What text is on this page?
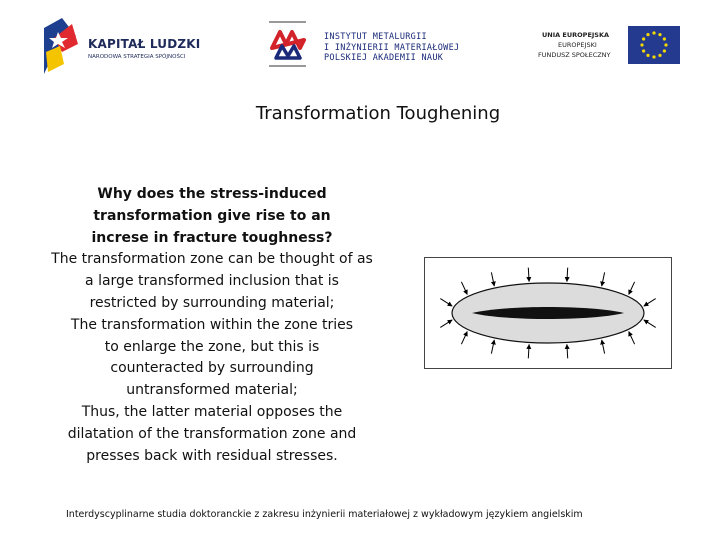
KAPITAŁ LUDZKI
NARODOWA STRATEGIA SPÓJNOŚCI
INSTYTUT METALURGII
I INŻYNIERII MATERIAŁOWEJ
POLSKIEJ AKADEMII NAUK
UNIA EUROPEJSKA
EUROPEJSKI
FUNDUSZ SPOŁECZNY
Transformation Toughening

Why does the stress-induced transformation give rise to an increse in fracture toughness?

The transformation zone can be thought of as a large transformed inclusion that is restricted by surrounding material;

The transformation within the zone tries to enlarge the zone, but this is counteracted by surrounding untransformed material;

Thus, the latter material opposes the dilatation of the transformation zone and presses back with residual stresses.

Interdyscyplinarne studia doktoranckie z zakresu inżynierii materiałowej z wykładowym językiem angielskim
